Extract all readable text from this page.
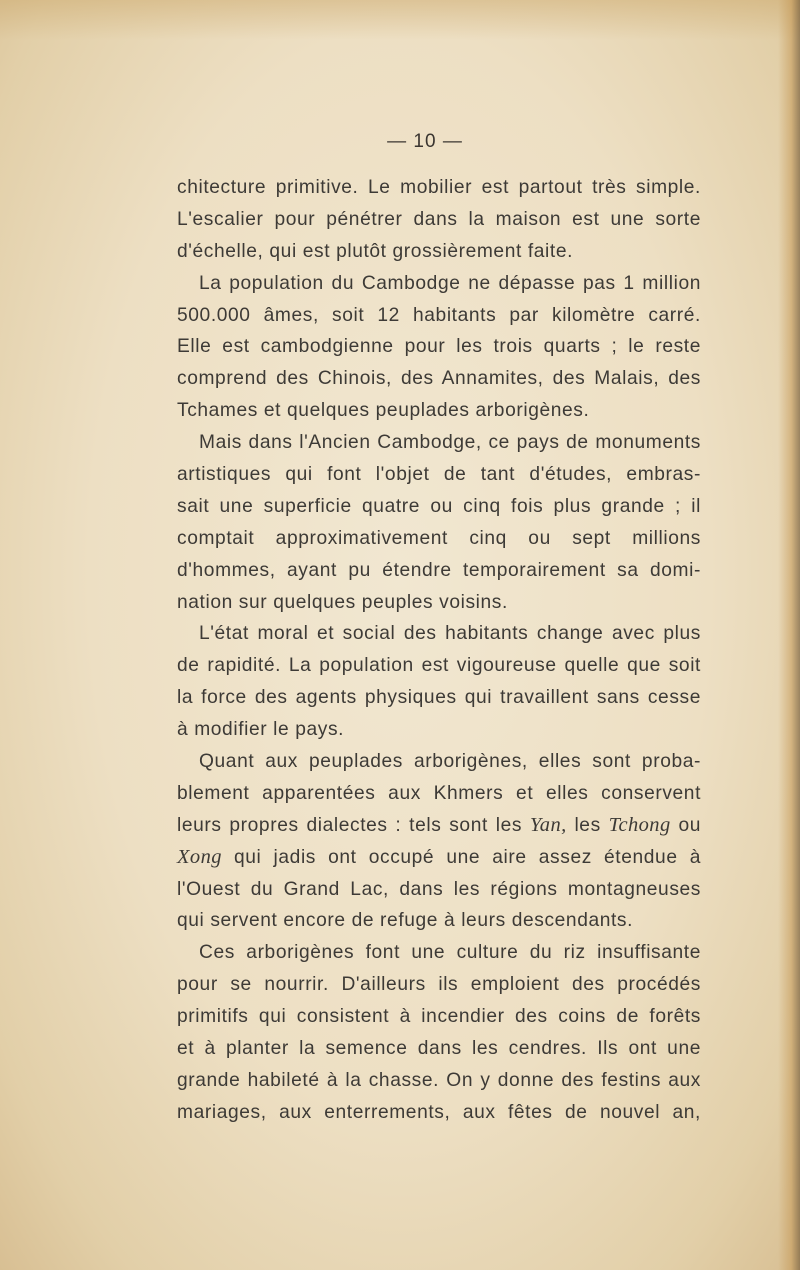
— 10 —
chitecture primitive. Le mobilier est partout très simple.
L'escalier pour pénétrer dans la maison est une sorte
d'échelle, qui est plutôt grossièrement faite.
La population du Cambodge ne dépasse pas 1 million
500.000 âmes, soit 12 habitants par kilomètre carré.
Elle est cambodgienne pour les trois quarts ; le reste
comprend des Chinois, des Annamites, des Malais, des
Tchames et quelques peuplades arborigènes.
Mais dans l'Ancien Cambodge, ce pays de monuments
artistiques qui font l'objet de tant d'études, embras-
sait une superficie quatre ou cinq fois plus grande ; il
comptait approximativement cinq ou sept millions
d'hommes, ayant pu étendre temporairement sa domi-
nation sur quelques peuples voisins.
L'état moral et social des habitants change avec plus
de rapidité. La population est vigoureuse quelle que soit
la force des agents physiques qui travaillent sans cesse
à modifier le pays.
Quant aux peuplades arborigènes, elles sont proba-
blement apparentées aux Khmers et elles conservent
leurs propres dialectes : tels sont les Yan, les Tchong ou
Xong qui jadis ont occupé une aire assez étendue à
l'Ouest du Grand Lac, dans les régions montagneuses
qui servent encore de refuge à leurs descendants.
Ces arborigènes font une culture du riz insuffisante
pour se nourrir. D'ailleurs ils emploient des procédés
primitifs qui consistent à incendier des coins de forêts
et à planter la semence dans les cendres. Ils ont une
grande habileté à la chasse. On y donne des festins aux
mariages, aux enterrements, aux fêtes de nouvel an,
